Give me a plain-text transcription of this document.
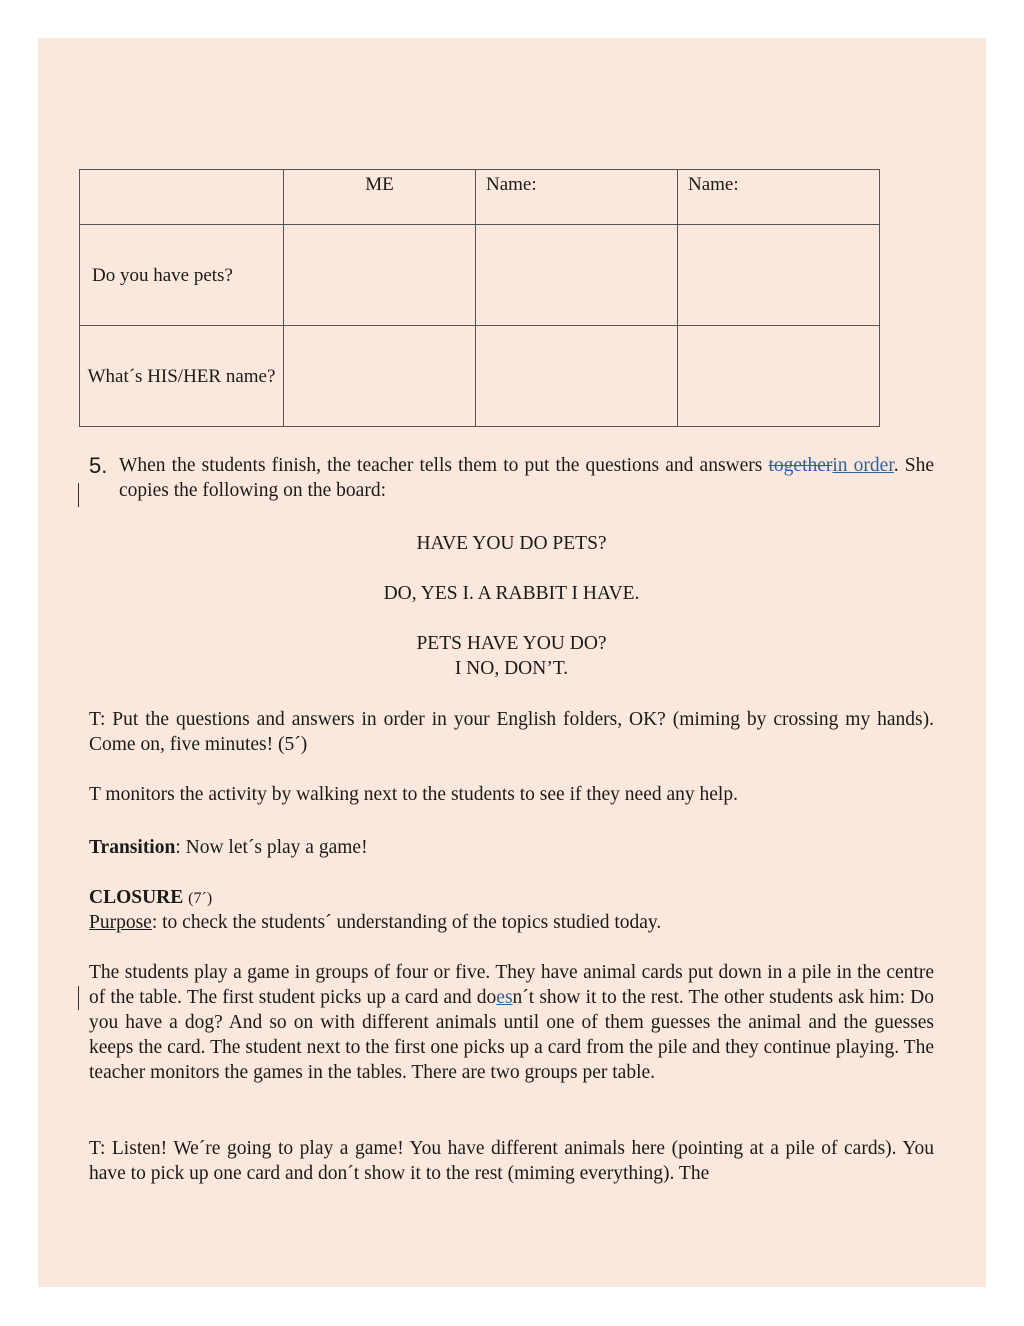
	ME	Name:	Name:
Do you have pets?			
What´s HIS/HER name?			
5. When the students finish, the teacher tells them to put the questions and answers togetherin order. She copies the following on the board:
HAVE YOU DO PETS?
DO, YES I. A RABBIT I HAVE.
PETS HAVE YOU DO?
I NO, DON’T.
T: Put the questions and answers in order in your English folders, OK? (miming by crossing my hands). Come on, five minutes! (5´)
T monitors the activity by walking next to the students to see if they need any help.
Transition: Now let´s play a game!
CLOSURE (7´)
Purpose: to check the students´ understanding of the topics studied today.
The students play a game in groups of four or five. They have animal cards put down in a pile in the centre of the table. The first student picks up a card and doesn´t show it to the rest. The other students ask him: Do you have a dog? And so on with different animals until one of them guesses the animal and the guesses keeps the card. The student next to the first one picks up a card from the pile and they continue playing. The teacher monitors the games in the tables. There are two groups per table.
T: Listen! We´re going to play a game! You have different animals here (pointing at a pile of cards). You have to pick up one card and don´t show it to the rest (miming everything). The
